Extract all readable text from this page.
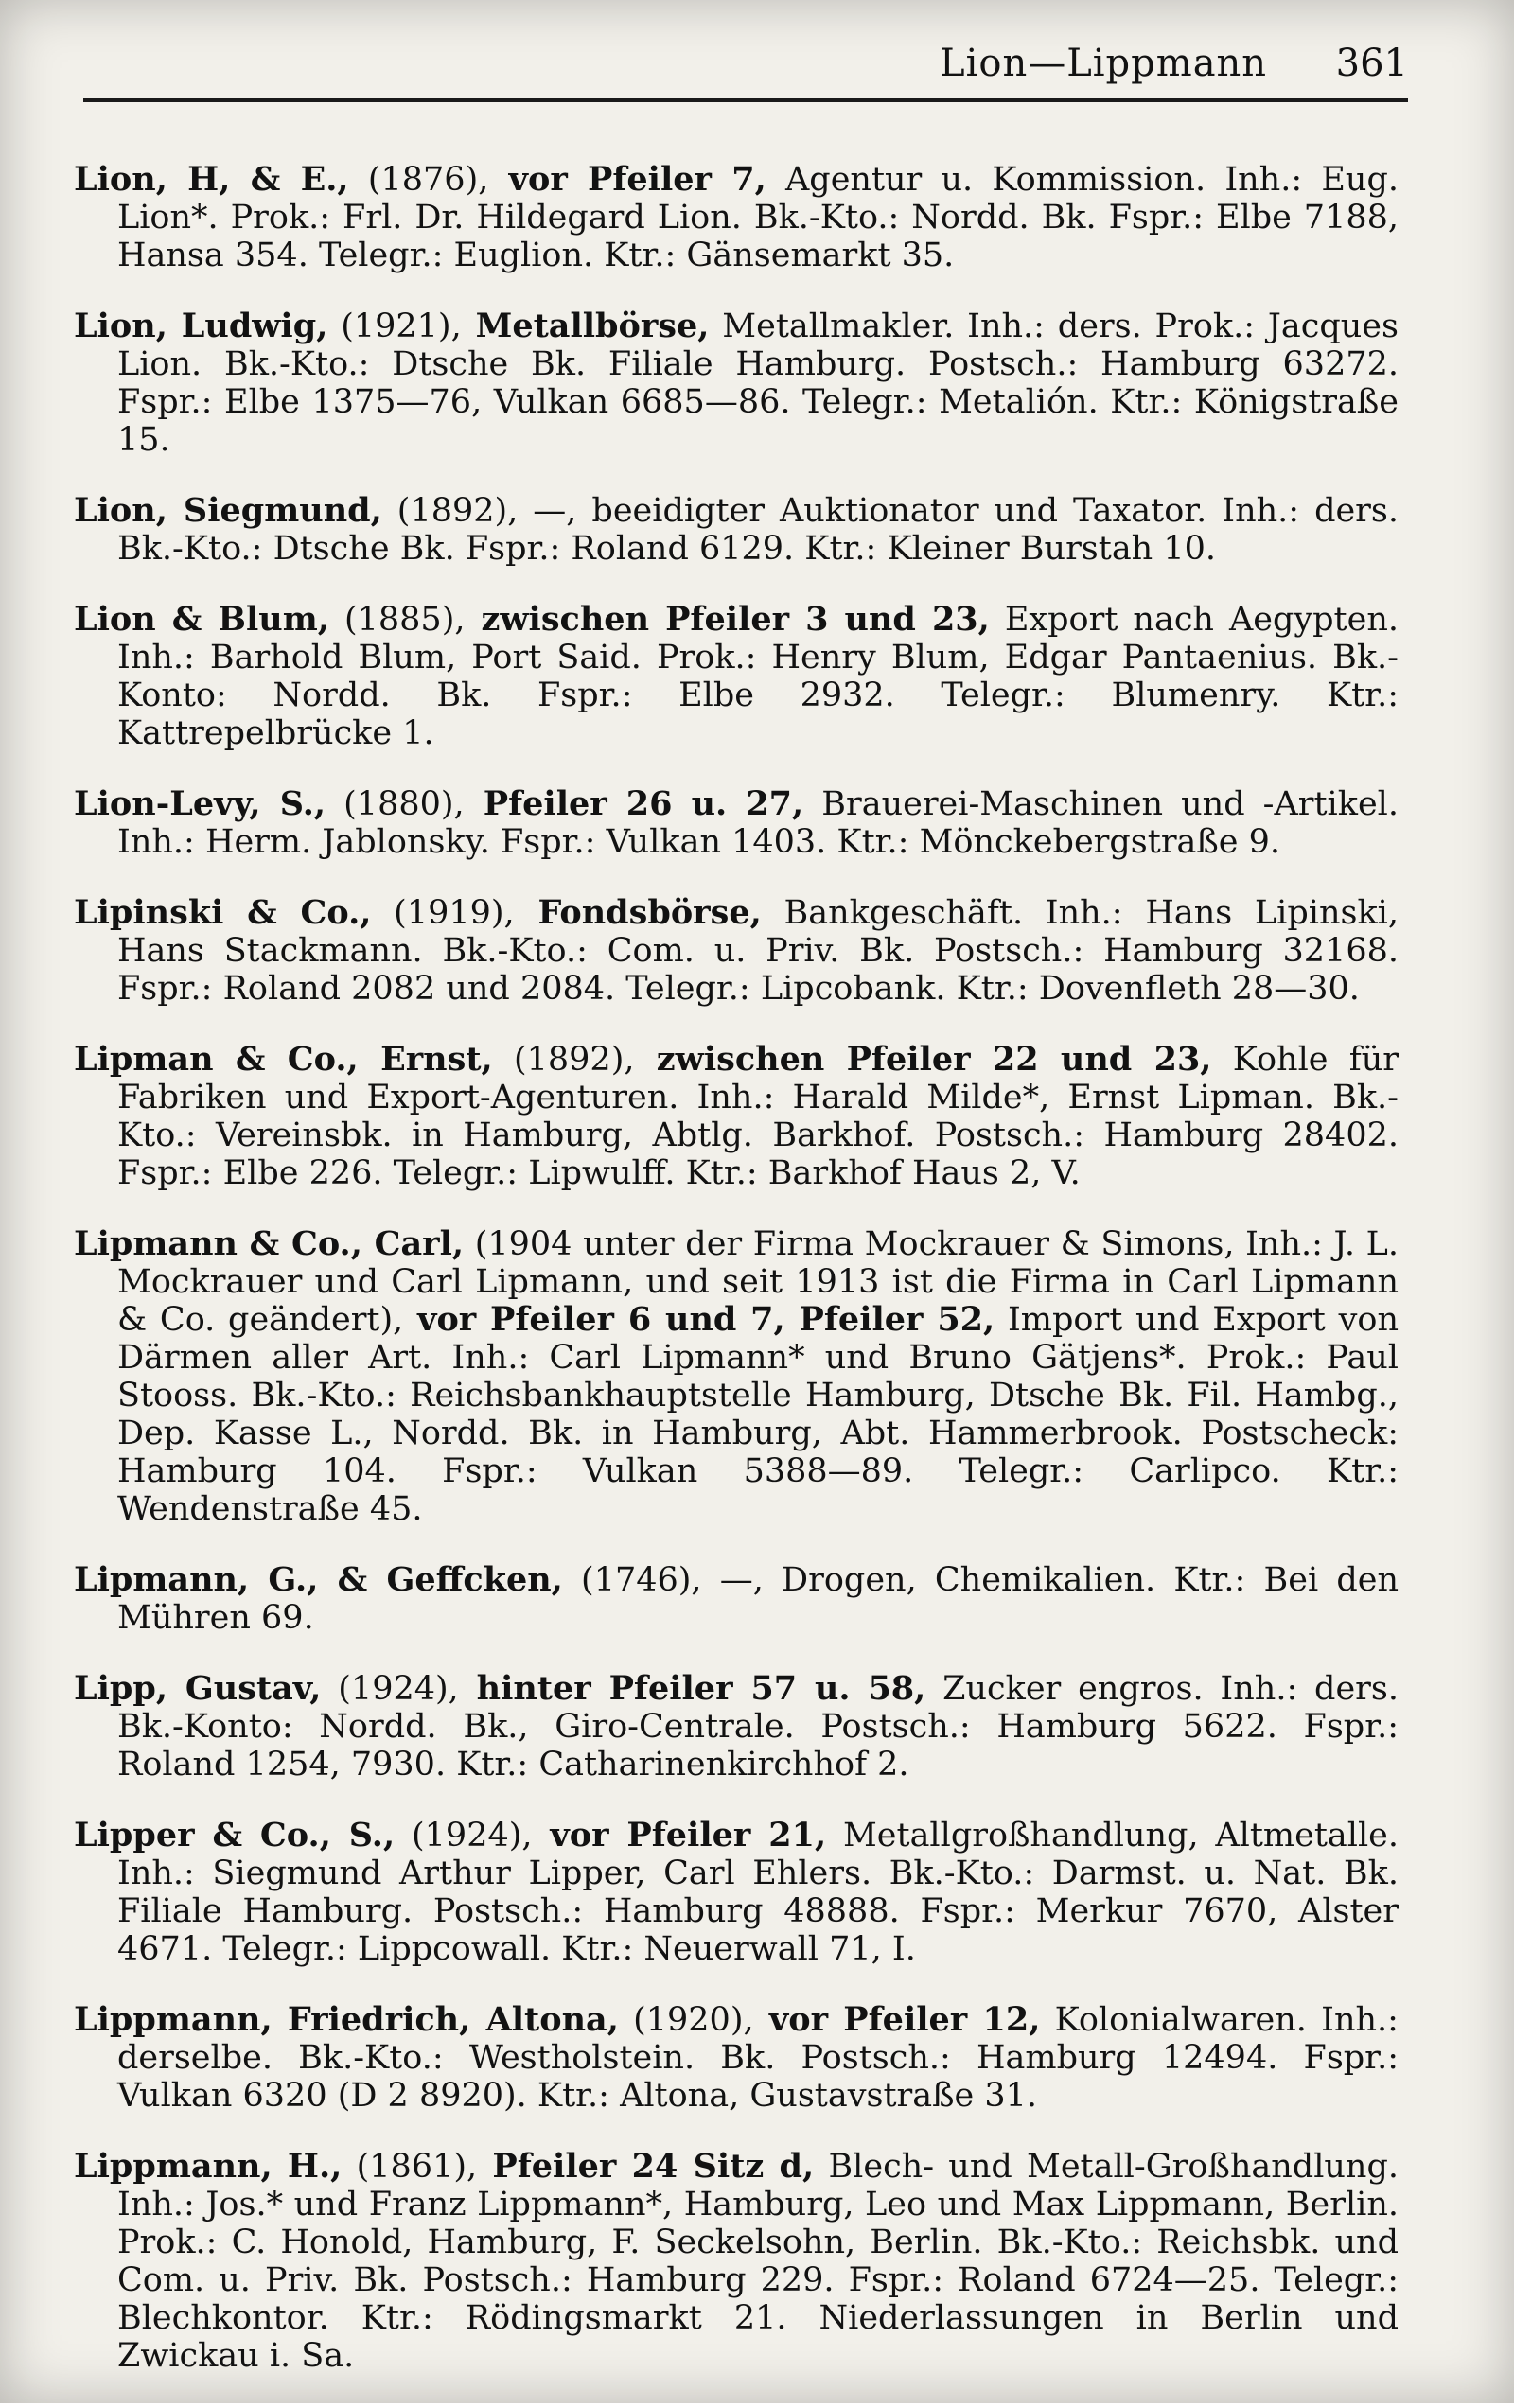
Lion—Lippmann 361

Lion, H, & E., (1876), vor Pfeiler 7, Agentur u. Kommission. Inh.: Eug. Lion*. Prok.: Frl. Dr. Hildegard Lion. Bk.-Kto.: Nordd. Bk. Fspr.: Elbe 7188, Hansa 354. Telegr.: Euglion. Ktr.: Gänsemarkt 35.

Lion, Ludwig, (1921), Metallbörse, Metallmakler. Inh.: ders. Prok.: Jacques Lion. Bk.-Kto.: Dtsche Bk. Filiale Hamburg. Postsch.: Hamburg 63272. Fspr.: Elbe 1375—76, Vulkan 6685—86. Telegr.: Metalión. Ktr.: Königstraße 15.

Lion, Siegmund, (1892), —, beeidigter Auktionator und Taxator. Inh.: ders. Bk.-Kto.: Dtsche Bk. Fspr.: Roland 6129. Ktr.: Kleiner Burstah 10.

Lion & Blum, (1885), zwischen Pfeiler 3 und 23, Export nach Aegypten. Inh.: Barhold Blum, Port Said. Prok.: Henry Blum, Edgar Pantaenius. Bk.-Konto: Nordd. Bk. Fspr.: Elbe 2932. Telegr.: Blumenry. Ktr.: Kattrepelbrücke 1.

Lion-Levy, S., (1880), Pfeiler 26 u. 27, Brauerei-Maschinen und -Artikel. Inh.: Herm. Jablonsky. Fspr.: Vulkan 1403. Ktr.: Mönckebergstraße 9.

Lipinski & Co., (1919), Fondsbörse, Bankgeschäft. Inh.: Hans Lipinski, Hans Stackmann. Bk.-Kto.: Com. u. Priv. Bk. Postsch.: Hamburg 32168. Fspr.: Roland 2082 und 2084. Telegr.: Lipcobank. Ktr.: Dovenfleth 28—30.

Lipman & Co., Ernst, (1892), zwischen Pfeiler 22 und 23, Kohle für Fabriken und Export-Agenturen. Inh.: Harald Milde*, Ernst Lipman. Bk.-Kto.: Vereinsbk. in Hamburg, Abtlg. Barkhof. Postsch.: Hamburg 28402. Fspr.: Elbe 226. Telegr.: Lipwulff. Ktr.: Barkhof Haus 2, V.

Lipmann & Co., Carl, (1904 unter der Firma Mockrauer & Simons, Inh.: J. L. Mockrauer und Carl Lipmann, und seit 1913 ist die Firma in Carl Lipmann & Co. geändert), vor Pfeiler 6 und 7, Pfeiler 52, Import und Export von Därmen aller Art. Inh.: Carl Lipmann* und Bruno Gätjens*. Prok.: Paul Stooss. Bk.-Kto.: Reichsbankhauptstelle Hamburg, Dtsche Bk. Fil. Hambg., Dep. Kasse L., Nordd. Bk. in Hamburg, Abt. Hammerbrook. Postscheck: Hamburg 104. Fspr.: Vulkan 5388—89. Telegr.: Carlipco. Ktr.: Wendenstraße 45.

Lipmann, G., & Geffcken, (1746), —, Drogen, Chemikalien. Ktr.: Bei den Mühren 69.

Lipp, Gustav, (1924), hinter Pfeiler 57 u. 58, Zucker engros. Inh.: ders. Bk.-Konto: Nordd. Bk., Giro-Centrale. Postsch.: Hamburg 5622. Fspr.: Roland 1254, 7930. Ktr.: Catharinenkirchhof 2.

Lipper & Co., S., (1924), vor Pfeiler 21, Metallgroßhandlung, Altmetalle. Inh.: Siegmund Arthur Lipper, Carl Ehlers. Bk.-Kto.: Darmst. u. Nat. Bk. Filiale Hamburg. Postsch.: Hamburg 48888. Fspr.: Merkur 7670, Alster 4671. Telegr.: Lippcowall. Ktr.: Neuerwall 71, I.

Lippmann, Friedrich, Altona, (1920), vor Pfeiler 12, Kolonialwaren. Inh.: derselbe. Bk.-Kto.: Westholstein. Bk. Postsch.: Hamburg 12494. Fspr.: Vulkan 6320 (D 2 8920). Ktr.: Altona, Gustavstraße 31.

Lippmann, H., (1861), Pfeiler 24 Sitz d, Blech- und Metall-Großhandlung. Inh.: Jos.* und Franz Lippmann*, Hamburg, Leo und Max Lippmann, Berlin. Prok.: C. Honold, Hamburg, F. Seckelsohn, Berlin. Bk.-Kto.: Reichsbk. und Com. u. Priv. Bk. Postsch.: Hamburg 229. Fspr.: Roland 6724—25. Telegr.: Blechkontor. Ktr.: Rödingsmarkt 21. Niederlassungen in Berlin und Zwickau i. Sa.
